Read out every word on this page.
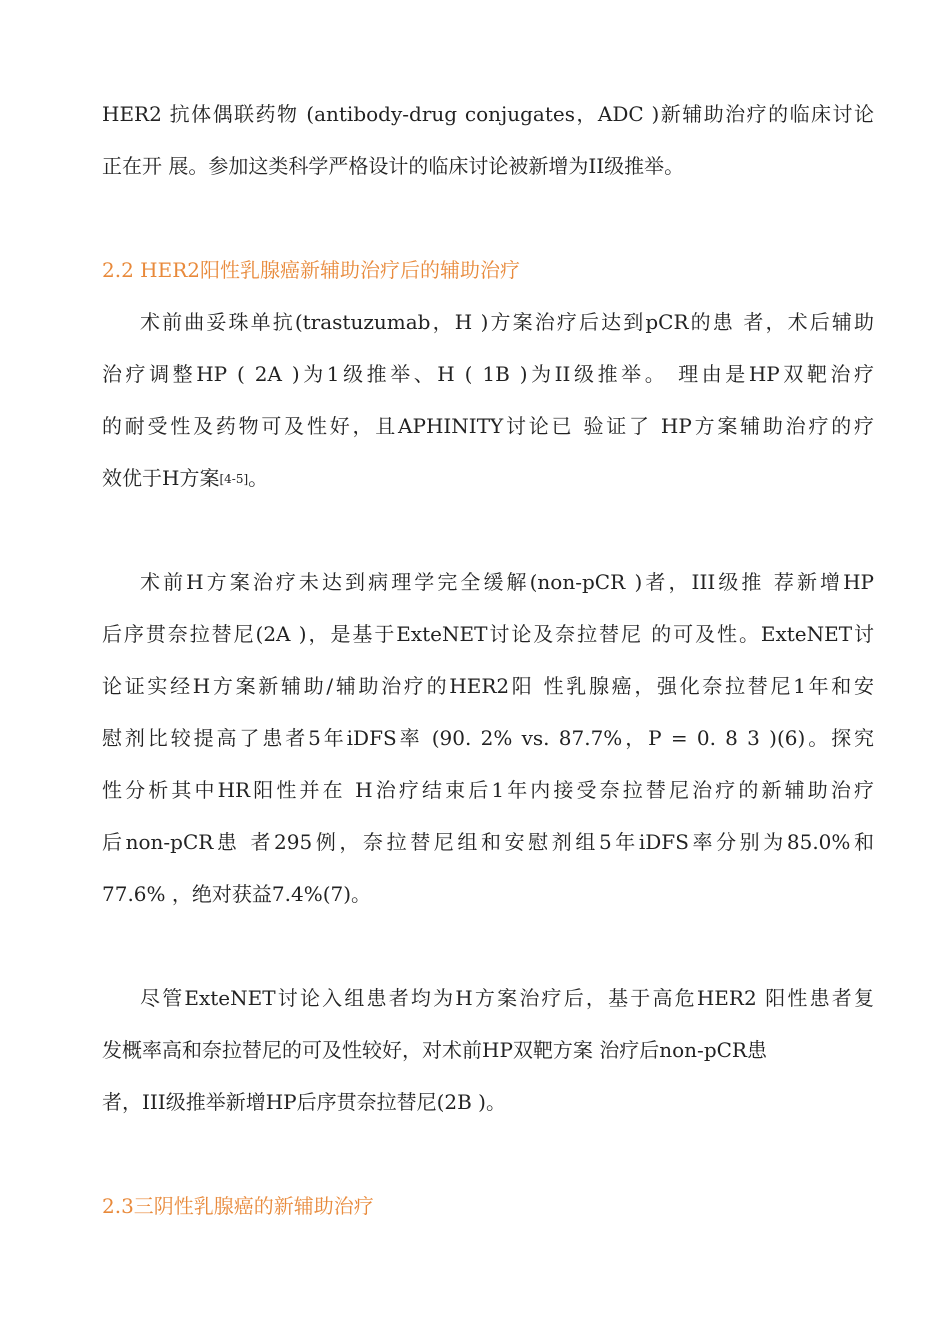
HER2 抗体偶联药物 (antibody-drug conjugates，ADC )新辅助治疗的临床讨论
正在开 展。参加这类科学严格设计的临床讨论被新增为II级推举。
2.2 HER2阳性乳腺癌新辅助治疗后的辅助治疗
术前曲妥珠单抗(trastuzumab，H )方案治疗后达到pCR的患 者，术后辅助
治疗调整HP ( 2A )为1级推举、H ( 1B )为II级推举。 理由是HP双靶治疗
的耐受性及药物可及性好，且APHINITY讨论已 验证了 HP方案辅助治疗的疗
效优于H方案[4-5]。
术前H方案治疗未达到病理学完全缓解(non-pCR )者，III级推 荐新增HP
后序贯奈拉替尼(2A )，是基于ExteNET讨论及奈拉替尼 的可及性。ExteNET讨
论证实经H方案新辅助/辅助治疗的HER2阳 性乳腺癌，强化奈拉替尼1年和安
慰剂比较提高了患者5年iDFS率 (90. 2% vs. 87.7%，P = 0. 8 3 )(6)。探究
性分析其中HR阳性并在 H治疗结束后1年内接受奈拉替尼治疗的新辅助治疗
后non-pCR患 者295例，奈拉替尼组和安慰剂组5年iDFS率分别为85.0%和
77.6% ，绝对获益7.4%(7)。
尽管ExteNET讨论入组患者均为H方案治疗后，基于高危HER2 阳性患者复
发概率高和奈拉替尼的可及性较好，对术前HP双靶方案 治疗后non-pCR患
者，III级推举新增HP后序贯奈拉替尼(2B )。
2.3三阴性乳腺癌的新辅助治疗
